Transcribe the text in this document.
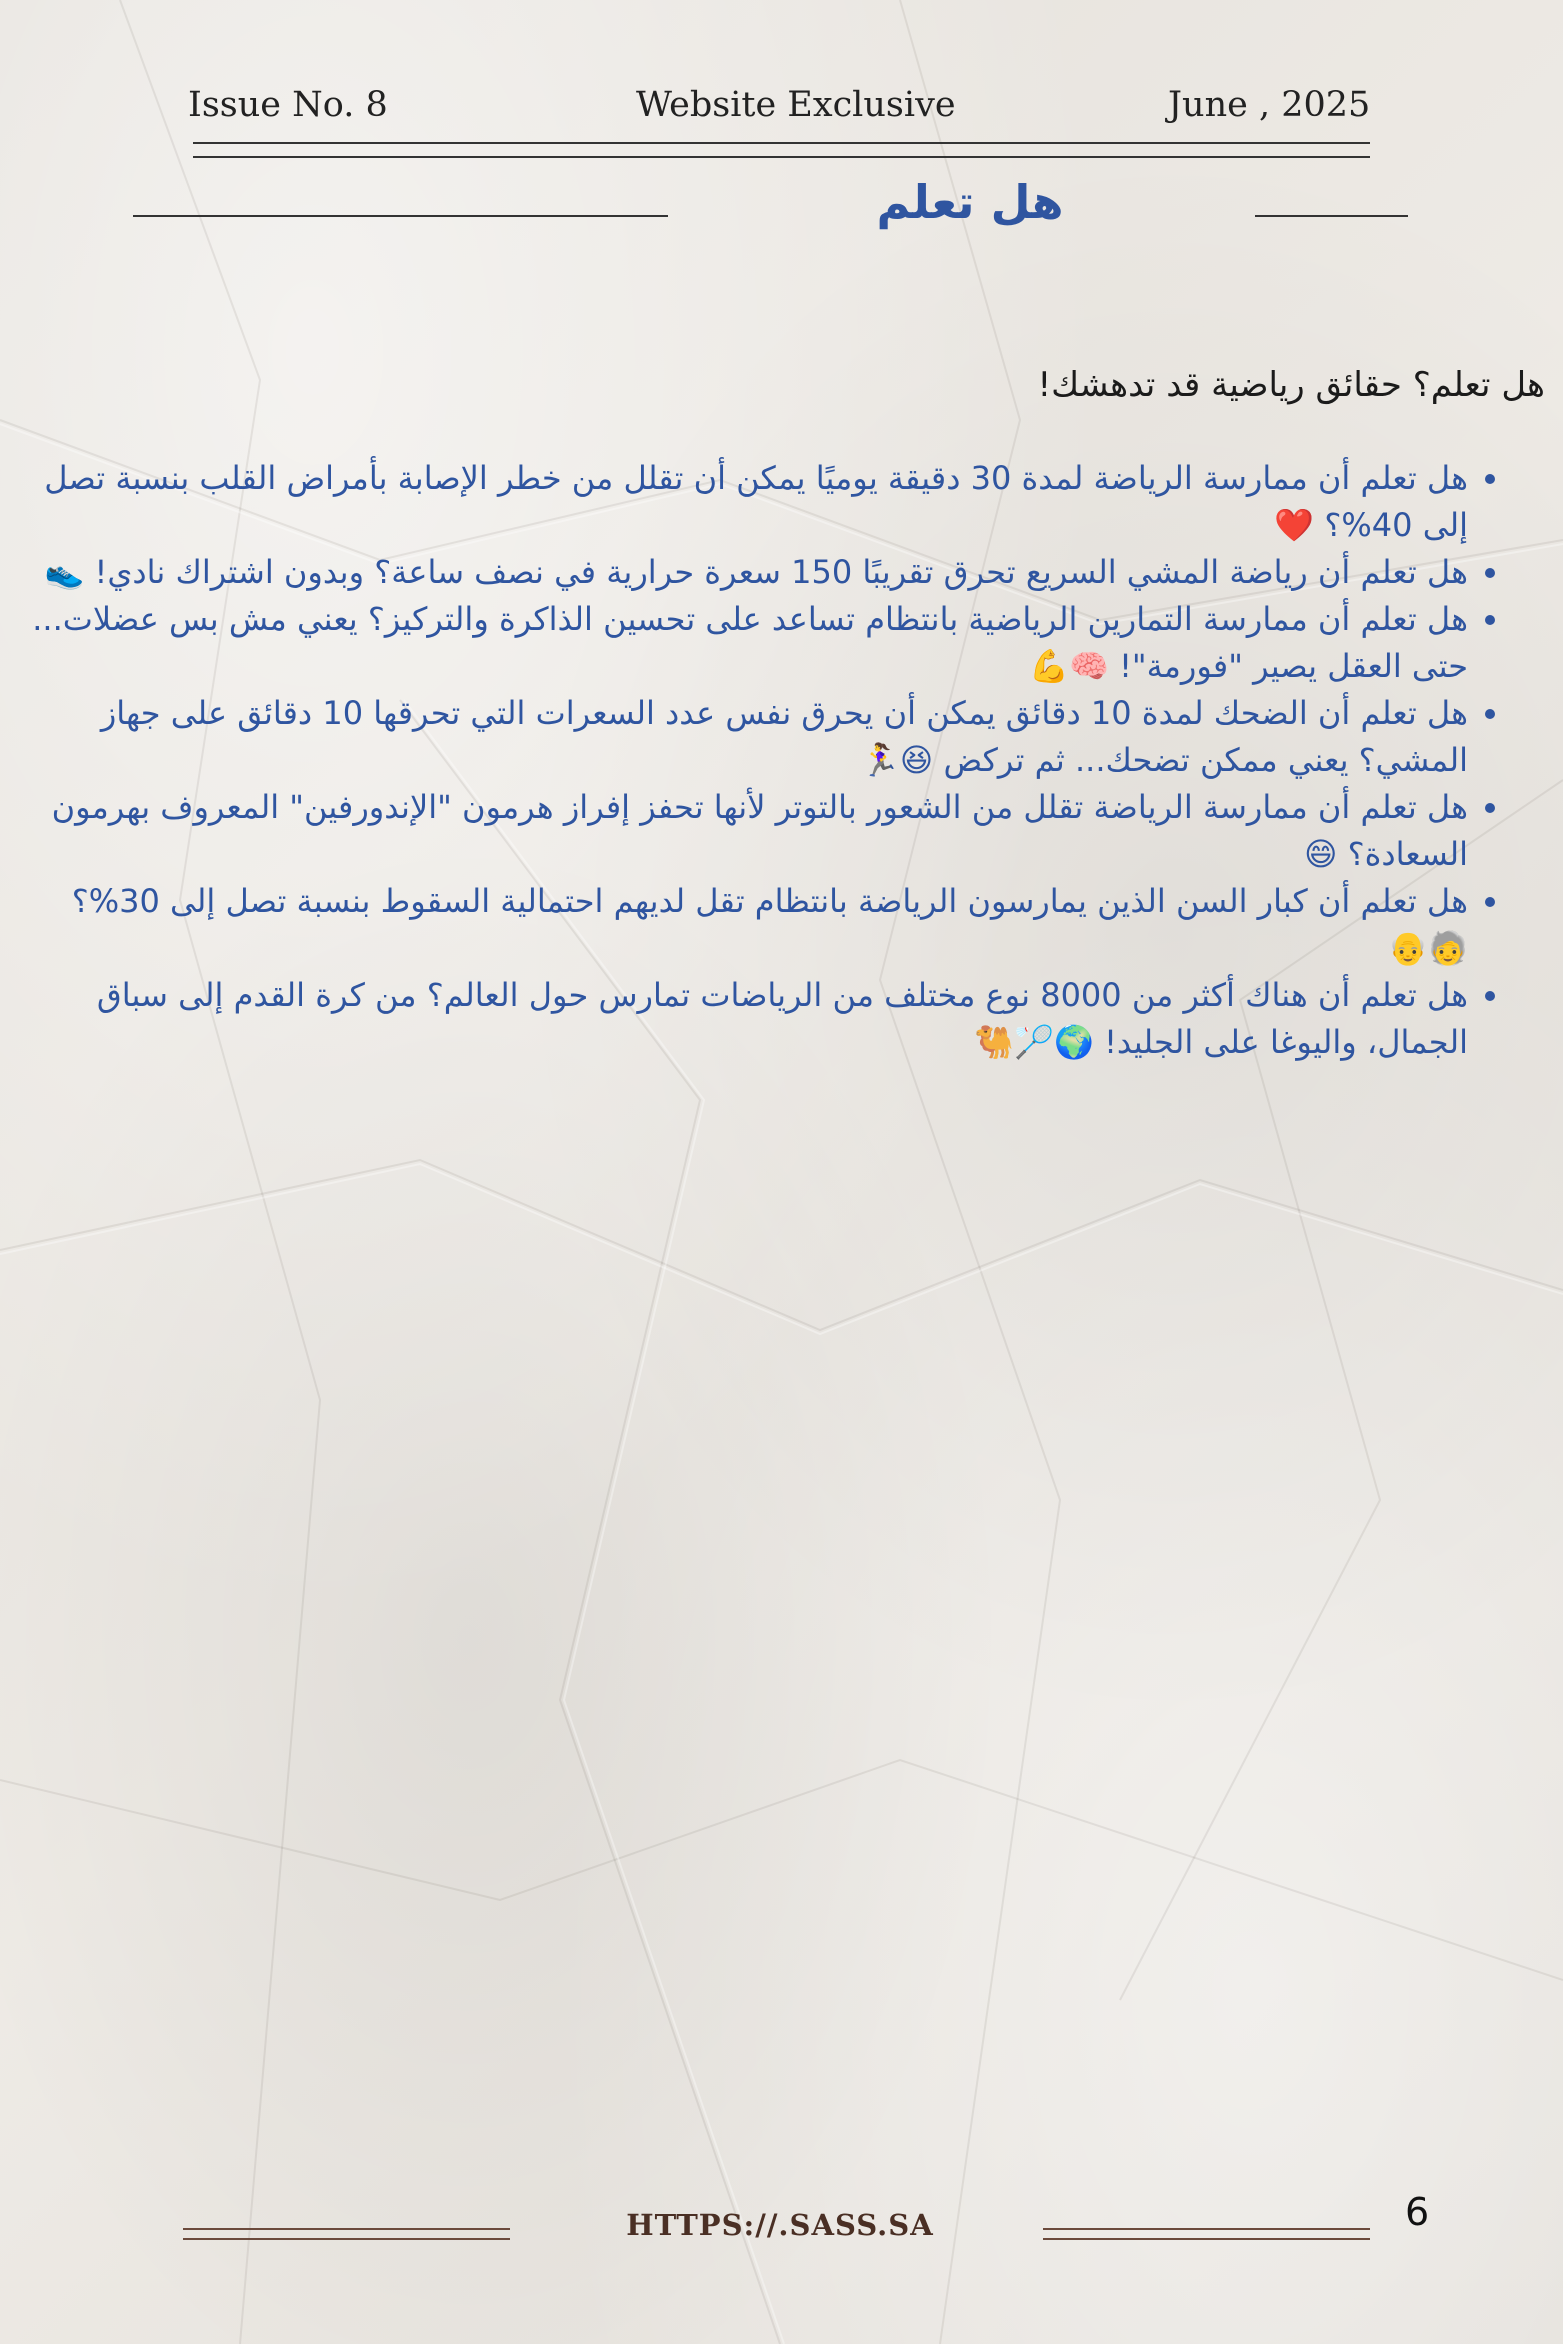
Issue No. 8	Website Exclusive	June , 2025
هل تعلم
هل تعلم؟ حقائق رياضية قد تدهشك!
• هل تعلم أن ممارسة الرياضة لمدة 30 دقيقة يوميًا يمكن أن تقلل من خطر الإصابة بأمراض القلب بنسبة تصل إلى 40%؟ ❤️
• هل تعلم أن رياضة المشي السريع تحرق تقريبًا 150 سعرة حرارية في نصف ساعة؟ وبدون اشتراك نادي! 👟
• هل تعلم أن ممارسة التمارين الرياضية بانتظام تساعد على تحسين الذاكرة والتركيز؟ يعني مش بس عضلات... حتى العقل يصير "فورمة"! 🧠💪
• هل تعلم أن الضحك لمدة 10 دقائق يمكن أن يحرق نفس عدد السعرات التي تحرقها 10 دقائق على جهاز المشي؟ يعني ممكن تضحك... ثم تركض 😆🏃‍♀️
• هل تعلم أن ممارسة الرياضة تقلل من الشعور بالتوتر لأنها تحفز إفراز هرمون "الإندورفين" المعروف بهرمون السعادة؟ 😄
• هل تعلم أن كبار السن الذين يمارسون الرياضة بانتظام تقل لديهم احتمالية السقوط بنسبة تصل إلى 30%؟ 🧓👴
• هل تعلم أن هناك أكثر من 8000 نوع مختلف من الرياضات تمارس حول العالم؟ من كرة القدم إلى سباق الجمال، واليوغا على الجليد! 🌍🏸🐫
HTTPS://.SASS.SA	6
